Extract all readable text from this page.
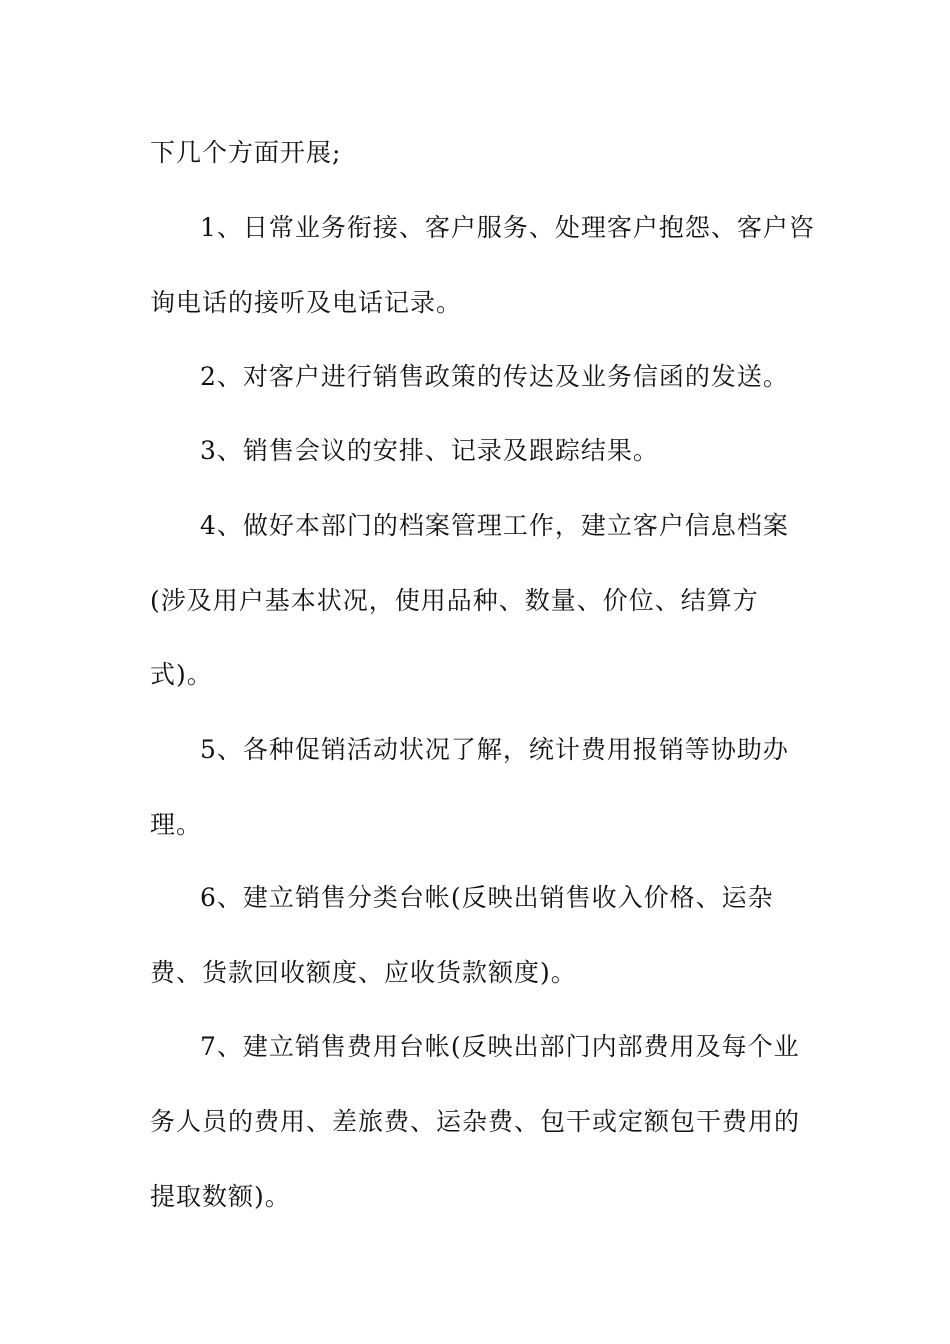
下几个方面开展;

1、日常业务衔接、客户服务、处理客户抱怨、客户咨

询电话的接听及电话记录。

2、对客户进行销售政策的传达及业务信函的发送。

3、销售会议的安排、记录及跟踪结果。

4、做好本部门的档案管理工作，建立客户信息档案

(涉及用户基本状况，使用品种、数量、价位、结算方

式)。

5、各种促销活动状况了解，统计费用报销等协助办

理。

6、建立销售分类台帐(反映出销售收入价格、运杂

费、货款回收额度、应收货款额度)。

7、建立销售费用台帐(反映出部门内部费用及每个业

务人员的费用、差旅费、运杂费、包干或定额包干费用的

提取数额)。
